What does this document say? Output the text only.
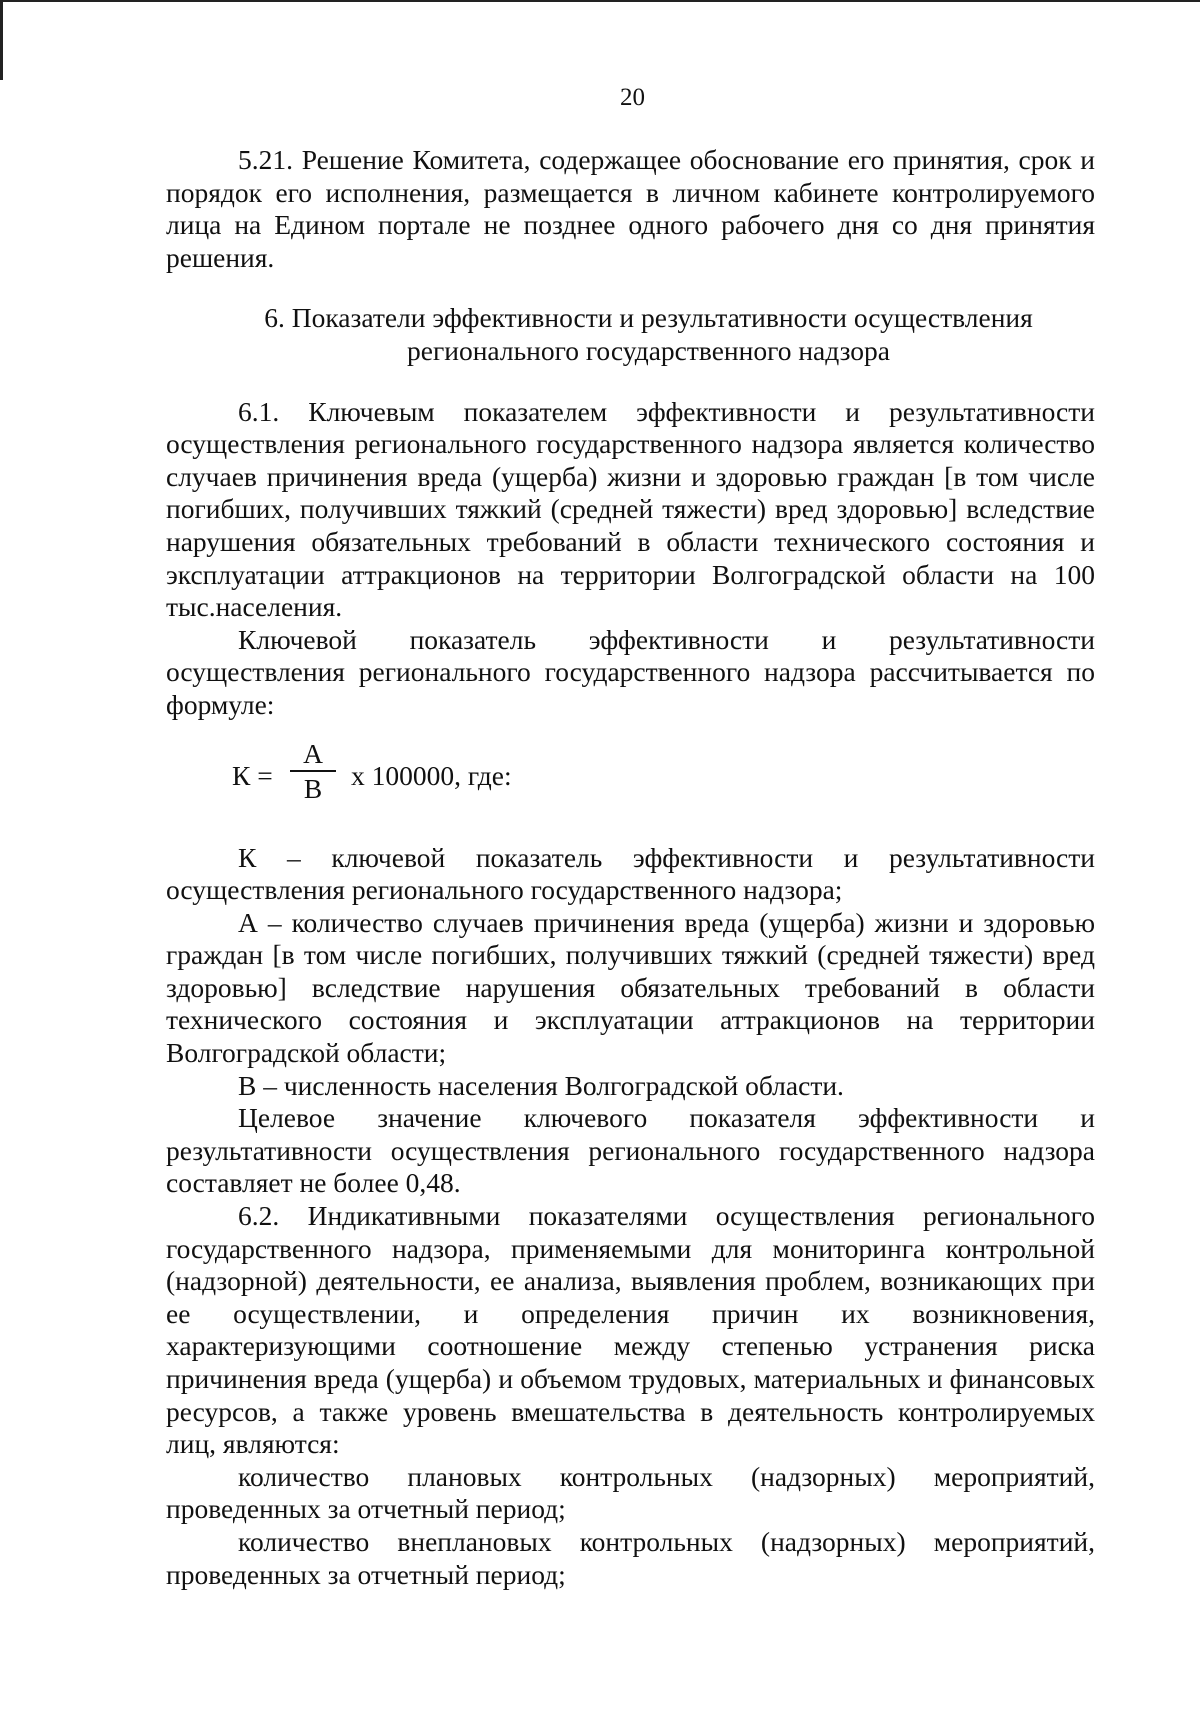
20

5.21. Решение Комитета, содержащее обоснование его принятия, срок и порядок его исполнения, размещается в личном кабинете контролируемого лица на Едином портале не позднее одного рабочего дня со дня принятия решения.

6. Показатели эффективности и результативности осуществления
регионального государственного надзора

6.1. Ключевым показателем эффективности и результативности осуществления регионального государственного надзора является количество случаев причинения вреда (ущерба) жизни и здоровью граждан [в том числе погибших, получивших тяжкий (средней тяжести) вред здоровью] вследствие нарушения обязательных требований в области технического состояния и эксплуатации аттракционов на территории Волгоградской области на 100 тыс.населения.

Ключевой показатель эффективности и результативности осуществления регионального государственного надзора рассчитывается по формуле:

К =
А
В	x 100000, где:

К – ключевой показатель эффективности и результативности осуществления регионального государственного надзора;

А – количество случаев причинения вреда (ущерба) жизни и здоровью граждан [в том числе погибших, получивших тяжкий (средней тяжести) вред здоровью] вследствие нарушения обязательных требований в области технического состояния и эксплуатации аттракционов на территории Волгоградской области;

В – численность населения Волгоградской области.

Целевое значение ключевого показателя эффективности и результативности осуществления регионального государственного надзора составляет не более 0,48.

6.2. Индикативными показателями осуществления регионального государственного надзора, применяемыми для мониторинга контрольной (надзорной) деятельности, ее анализа, выявления проблем, возникающих при ее осуществлении, и определения причин их возникновения, характеризующими соотношение между степенью устранения риска причинения вреда (ущерба) и объемом трудовых, материальных и финансовых ресурсов, а также уровень вмешательства в деятельность контролируемых лиц, являются:

количество плановых контрольных (надзорных) мероприятий, проведенных за отчетный период;

количество внеплановых контрольных (надзорных) мероприятий, проведенных за отчетный период;
